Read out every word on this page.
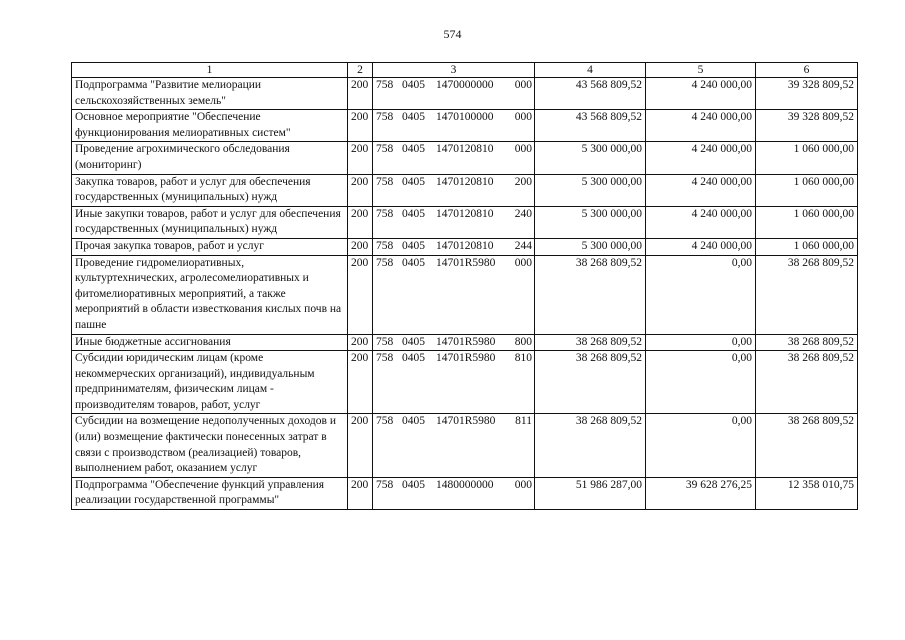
574
1	2	3	4	5	6
Подпрограмма "Развитие мелиорации сельскохозяйственных земель"	200	758 0405 1470000000 000	43 568 809,52	4 240 000,00	39 328 809,52
Основное мероприятие "Обеспечение функционирования мелиоративных систем"	200	758 0405 1470100000 000	43 568 809,52	4 240 000,00	39 328 809,52
Проведение агрохимического обследования (мониторинг)	200	758 0405 1470120810 000	5 300 000,00	4 240 000,00	1 060 000,00
Закупка товаров, работ и услуг для обеспечения государственных (муниципальных) нужд	200	758 0405 1470120810 200	5 300 000,00	4 240 000,00	1 060 000,00
Иные закупки товаров, работ и услуг для обеспечения государственных (муниципальных) нужд	200	758 0405 1470120810 240	5 300 000,00	4 240 000,00	1 060 000,00
Прочая закупка товаров, работ и услуг	200	758 0405 1470120810 244	5 300 000,00	4 240 000,00	1 060 000,00
Проведение гидромелиоративных, культуртехнических, агролесомелиоративных и фитомелиоративных мероприятий, а также мероприятий в области известкования кислых почв на пашне	200	758 0405 14701R5980 000	38 268 809,52	0,00	38 268 809,52
Иные бюджетные ассигнования	200	758 0405 14701R5980 800	38 268 809,52	0,00	38 268 809,52
Субсидии юридическим лицам (кроме некоммерческих организаций), индивидуальным предпринимателям, физическим лицам - производителям товаров, работ, услуг	200	758 0405 14701R5980 810	38 268 809,52	0,00	38 268 809,52
Субсидии на возмещение недополученных доходов и (или) возмещение фактически понесенных затрат в связи с производством (реализацией) товаров, выполнением работ, оказанием услуг	200	758 0405 14701R5980 811	38 268 809,52	0,00	38 268 809,52
Подпрограмма "Обеспечение функций управления реализации государственной программы"	200	758 0405 1480000000 000	51 986 287,00	39 628 276,25	12 358 010,75
